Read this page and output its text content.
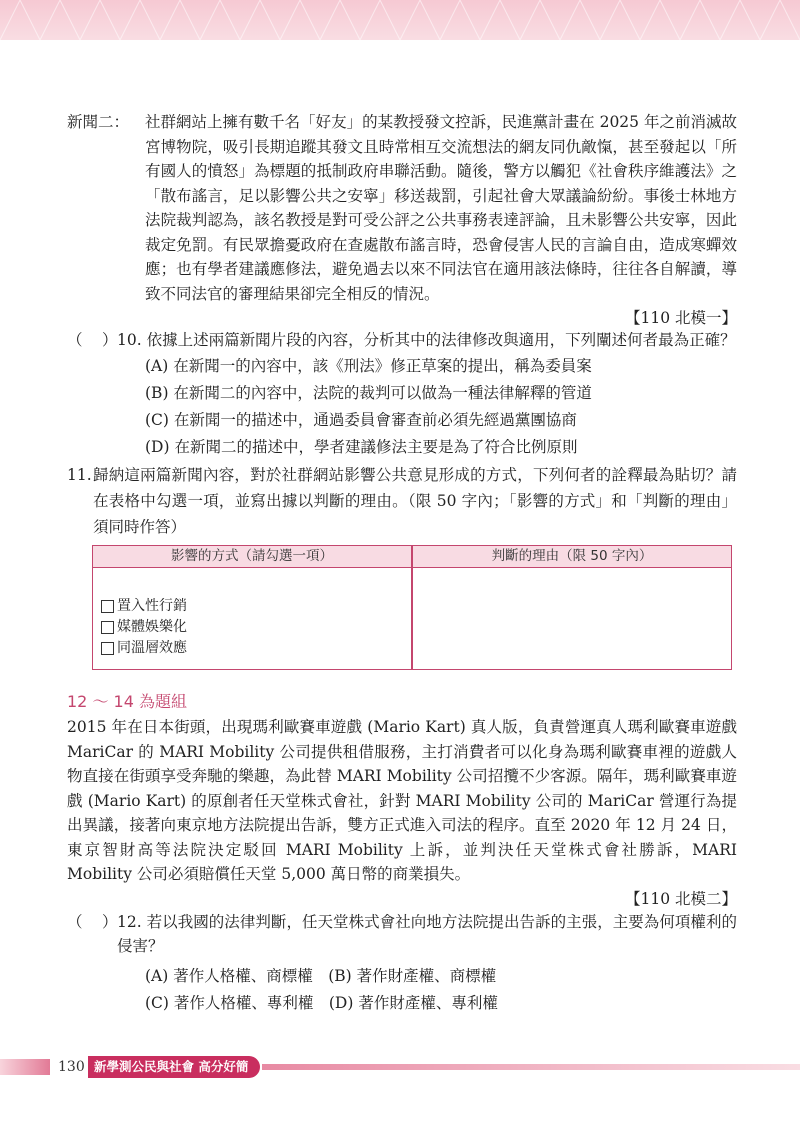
新聞二： 社群網站上擁有數千名「好友」的某教授發文控訴，民進黨計畫在 2025 年之前消滅故宮博物院，吸引長期追蹤其發文且時常相互交流想法的網友同仇敵愾，甚至發起以「所有國人的憤怒」為標題的抵制政府串聯活動。隨後，警方以觸犯《社會秩序維護法》之「散布謠言，足以影響公共之安寧」移送裁罰，引起社會大眾議論紛紛。事後士林地方法院裁判認為，該名教授是對可受公評之公共事務表達評論，且未影響公共安寧，因此裁定免罰。有民眾擔憂政府在查處散布謠言時，恐會侵害人民的言論自由，造成寒蟬效應；也有學者建議應修法，避免過去以來不同法官在適用該法條時，往往各自解讀，導致不同法官的審理結果卻完全相反的情況。
【110 北模一】
（ ） 10. 依據上述兩篇新聞片段的內容，分析其中的法律修改與適用，下列闡述何者最為正確？
(A) 在新聞一的內容中，該《刑法》修正草案的提出，稱為委員案
(B) 在新聞二的內容中，法院的裁判可以做為一種法律解釋的管道
(C) 在新聞一的描述中，通過委員會審查前必須先經過黨團協商
(D) 在新聞二的描述中，學者建議修法主要是為了符合比例原則
11. 歸納這兩篇新聞內容，對於社群網站影響公共意見形成的方式，下列何者的詮釋最為貼切？請在表格中勾選一項，並寫出據以判斷的理由。（限 50 字內；「影響的方式」和「判斷的理由」須同時作答）
影響的方式（請勾選一項）	判斷的理由（限 50 字內）
置入性行銷
媒體娛樂化
同溫層效應
12 ～ 14 為題組
2015 年在日本街頭，出現瑪利歐賽車遊戲 (Mario Kart) 真人版，負責營運真人瑪利歐賽車遊戲 MariCar 的 MARI Mobility 公司提供租借服務，主打消費者可以化身為瑪利歐賽車裡的遊戲人物直接在街頭享受奔馳的樂趣，為此替 MARI Mobility 公司招攬不少客源。隔年，瑪利歐賽車遊戲 (Mario Kart) 的原創者任天堂株式會社，針對 MARI Mobility 公司的 MariCar 營運行為提出異議，接著向東京地方法院提出告訴，雙方正式進入司法的程序。直至 2020 年 12 月 24 日，東京智財高等法院決定駁回 MARI Mobility 上訴，並判決任天堂株式會社勝訴，MARI Mobility 公司必須賠償任天堂 5,000 萬日幣的商業損失。
【110 北模二】
（ ） 12. 若以我國的法律判斷，任天堂株式會社向地方法院提出告訴的主張，主要為何項權利的侵害？
(A) 著作人格權、商標權　(B) 著作財產權、商標權
(C) 著作人格權、專利權　(D) 著作財產權、專利權
130 新學測公民與社會 高分好簡單
